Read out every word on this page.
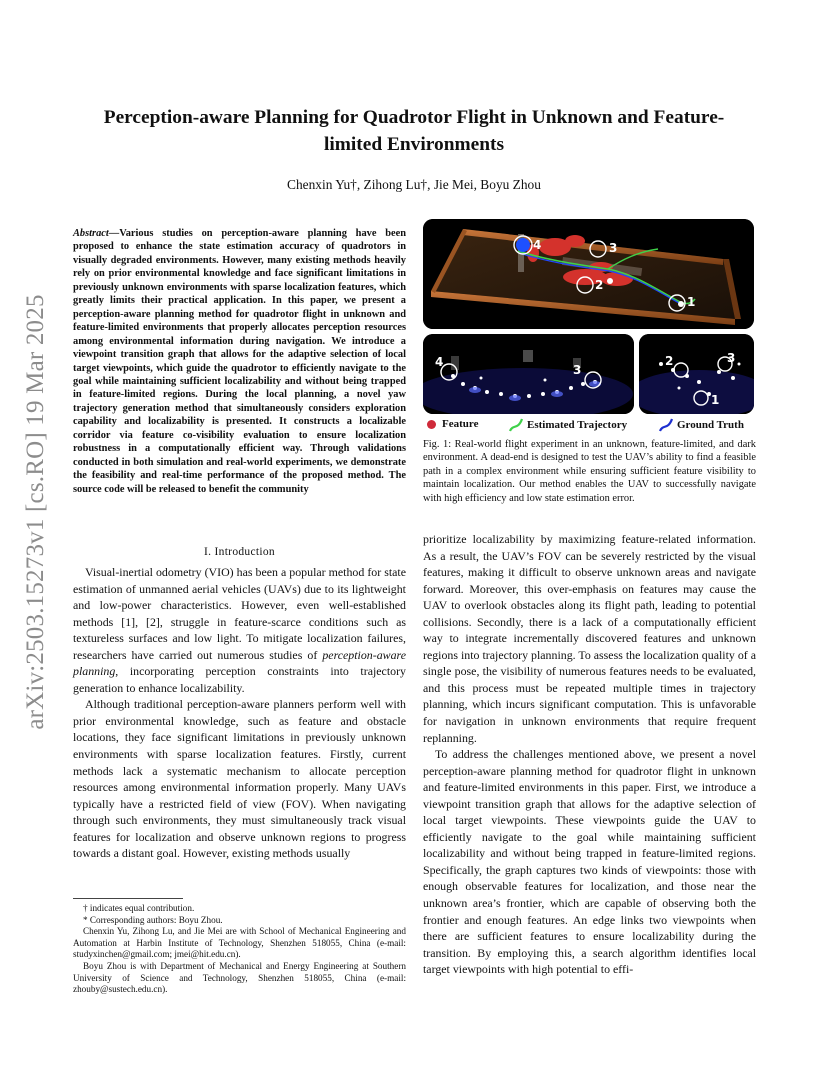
arXiv:2503.15273v1 [cs.RO] 19 Mar 2025
Perception-aware Planning for Quadrotor Flight in Unknown and Feature-limited Environments
Chenxin Yu†, Zihong Lu†, Jie Mei, Boyu Zhou
Abstract—Various studies on perception-aware planning have been proposed to enhance the state estimation accuracy of quadrotors in visually degraded environments. However, many existing methods heavily rely on prior environmental knowledge and face significant limitations in previously unknown environments with sparse localization features, which greatly limits their practical application. In this paper, we present a perception-aware planning method for quadrotor flight in unknown and feature-limited environments that properly allocates perception resources among environmental information during navigation. We introduce a viewpoint transition graph that allows for the adaptive selection of local target viewpoints, which guide the quadrotor to efficiently navigate to the goal while maintaining sufficient localizability and without being trapped in feature-limited regions. During the local planning, a novel yaw trajectory generation method that simultaneously considers exploration capability and localizability is presented. It constructs a localizable corridor via feature co-visibility evaluation to ensure localization robustness in a computationally efficient way. Through validations conducted in both simulation and real-world experiments, we demonstrate the feasibility and real-time performance of the proposed method. The source code will be released to benefit the community
I. Introduction

Visual-inertial odometry (VIO) has been a popular method for state estimation of unmanned aerial vehicles (UAVs) due to its lightweight and low-power characteristics. However, even well-established methods [1], [2], struggle in feature-scarce conditions such as textureless surfaces and low light. To mitigate localization failures, researchers have carried out numerous studies of perception-aware planning, incorporating perception constraints into trajectory generation to enhance localizability.

Although traditional perception-aware planners perform well with prior environmental knowledge, such as feature and obstacle locations, they face significant limitations in previously unknown environments with sparse localization features. Firstly, current methods lack a systematic mechanism to allocate perception resources among environmental information properly. Many UAVs typically have a restricted field of view (FOV). When navigating through such environments, they must simultaneously track visual features for localization and observe unknown regions to progress towards a distant goal. However, existing methods usually

† indicates equal contribution.

* Corresponding authors: Boyu Zhou.

Chenxin Yu, Zihong Lu, and Jie Mei are with School of Mechanical Engineering and Automation at Harbin Institute of Technology, Shenzhen 518055, China (e-mail: studyxinchen@gmail.com; jmei@hit.edu.cn).

Boyu Zhou is with Department of Mechanical and Energy Engineering at Southern University of Science and Technology, Shenzhen 518055, China (e-mail: zhouby@sustech.edu.cn).

prioritize localizability by maximizing feature-related information. As a result, the UAV’s FOV can be severely restricted by the visual features, making it difficult to observe unknown areas and navigate forward. Moreover, this over-emphasis on features may cause the UAV to overlook obstacles along its flight path, leading to potential collisions. Secondly, there is a lack of a computationally efficient way to integrate incrementally discovered features and unknown regions into trajectory planning. To assess the localization quality of a single pose, the visibility of numerous features needs to be evaluated, and this process must be repeated multiple times in trajectory planning, which incurs significant computation. This is unfavorable for navigation in unknown environments that require frequent replanning.

To address the challenges mentioned above, we present a novel perception-aware planning method for quadrotor flight in unknown and feature-limited environments in this paper. First, we introduce a viewpoint transition graph that allows for the adaptive selection of local target viewpoints. These viewpoints guide the UAV to efficiently navigate to the goal while maintaining sufficient localizability and without being trapped in feature-limited regions. Specifically, the graph captures two kinds of viewpoints: those with enough observable features for localization, and those near the unknown area’s frontier, which are capable of observing both the frontier and enough features. An edge links two viewpoints when there are sufficient features to ensure localizability during the transition. By employing this, a search algorithm identifies local target viewpoints with high potential to effi-

4	3
2
1
4
3
2	3
1
Feature	Estimated Trajectory	Ground Truth
Fig. 1: Real-world flight experiment in an unknown, feature-limited, and dark environment. A dead-end is designed to test the UAV’s ability to find a feasible path in a complex environment while ensuring sufficient feature visibility to maintain localization. Our method enables the UAV to successfully navigate with high efficiency and low state estimation error.
